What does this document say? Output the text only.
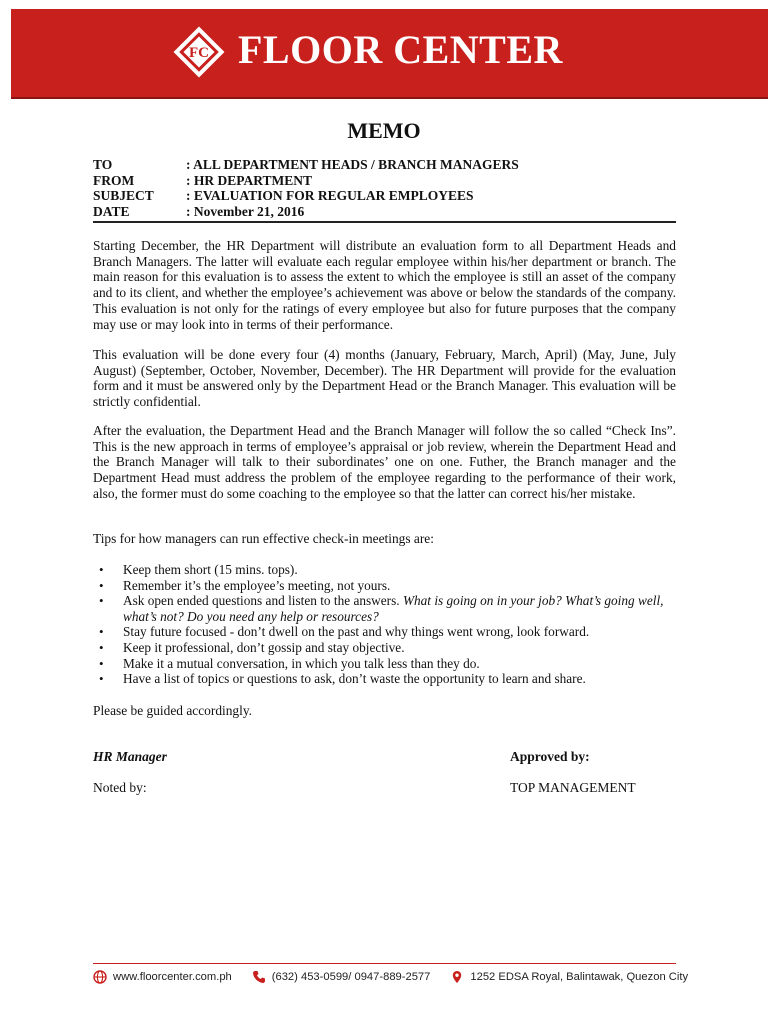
FC FLOOR CENTER
MEMO
TO	: ALL DEPARTMENT HEADS / BRANCH MANAGERS
FROM	: HR DEPARTMENT
SUBJECT : EVALUATION FOR REGULAR EMPLOYEES
DATE	: November 21, 2016

Starting December, the HR Department will distribute an evaluation form to all Department Heads and Branch Managers. The latter will evaluate each regular employee within his/her department or branch. The main reason for this evaluation is to assess the extent to which the employee is still an asset of the company and to its client, and whether the employee’s achievement was above or below the standards of the company. This evaluation is not only for the ratings of every employee but also for future purposes that the company may use or may look into in terms of their performance.

This evaluation will be done every four (4) months (January, February, March, April) (May, June, July August) (September, October, November, December). The HR Department will provide for the evaluation form and it must be answered only by the Department Head or the Branch Manager. This evaluation will be strictly confidential.

After the evaluation, the Department Head and the Branch Manager will follow the so called “Check Ins”. This is the new approach in terms of employee’s appraisal or job review, wherein the Department Head and the Branch Manager will talk to their subordinates’ one on one. Futher, the Branch manager and the Department Head must address the problem of the employee regarding to the performance of their work, also, the former must do some coaching to the employee so that the latter can correct his/her mistake.

Tips for how managers can run effective check-in meetings are:

• Keep them short (15 mins. tops).
• Remember it’s the employee’s meeting, not yours.
• Ask open ended questions and listen to the answers. What is going on in your job? What’s going well, what’s not? Do you need any help or resources?
• Stay future focused - don’t dwell on the past and why things went wrong, look forward.
• Keep it professional, don’t gossip and stay objective.
• Make it a mutual conversation, in which you talk less than they do.
• Have a list of topics or questions to ask, don’t waste the opportunity to learn and share.

Please be guided accordingly.

HR Manager	Approved by:
Noted by:	TOP MANAGEMENT
www.floorcenter.com.ph	(632) 453-0599/ 0947-889-2577	1252 EDSA Royal, Balintawak, Quezon City
